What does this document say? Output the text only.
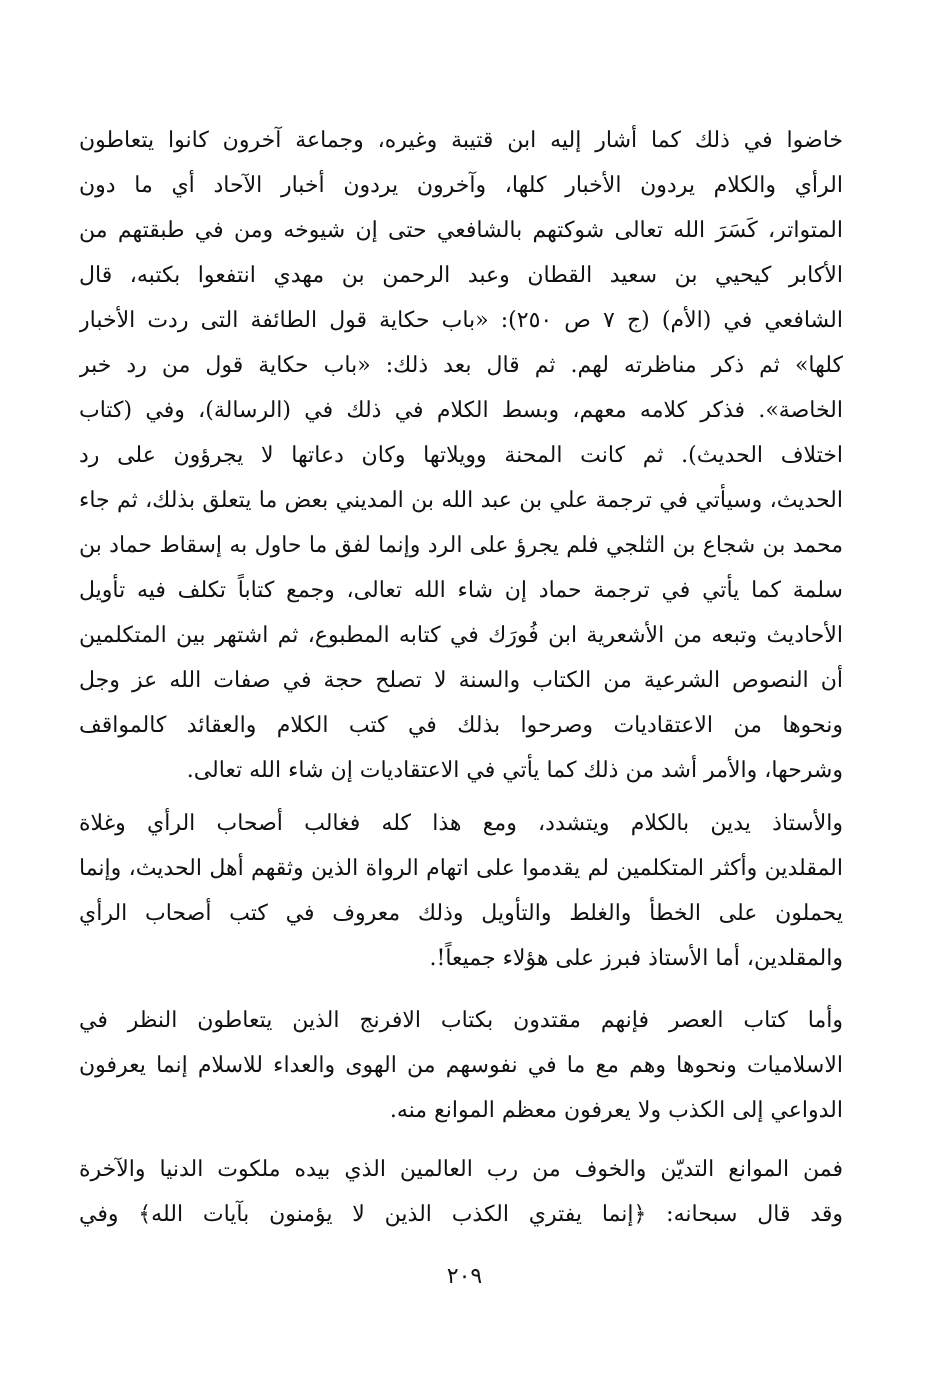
خاضوا في ذلك كما أشار إليه ابن قتيبة وغيره، وجماعة آخرون كانوا يتعاطون
الرأي والكلام يردون الأخبار كلها، وآخرون يردون أخبار الآحاد أي ما دون
المتواتر، كَسَرَ الله تعالى شوكتهم بالشافعي حتى إن شيوخه ومن في طبقتهم من
الأكابر كيحيي بن سعيد القطان وعبد الرحمن بن مهدي انتفعوا بكتبه، قال
الشافعي في (الأم) (ج ٧ ص ٢٥٠): «باب حكاية قول الطائفة التى ردت الأخبار
كلها» ثم ذكر مناظرته لهم. ثم قال بعد ذلك: «باب حكاية قول من رد خبر
الخاصة». فذكر كلامه معهم، وبسط الكلام في ذلك في (الرسالة)، وفي (كتاب
اختلاف الحديث). ثم كانت المحنة وويلاتها وكان دعاتها لا يجرؤون على رد
الحديث، وسيأتي في ترجمة علي بن عبد الله بن المديني بعض ما يتعلق بذلك، ثم جاء
محمد بن شجاع بن الثلجي فلم يجرؤ على الرد وإنما لفق ما حاول به إسقاط حماد بن
سلمة كما يأتي في ترجمة حماد إن شاء الله تعالى، وجمع كتاباً تكلف فيه تأويل
الأحاديث وتبعه من الأشعرية ابن فُورَك في كتابه المطبوع، ثم اشتهر بين المتكلمين
أن النصوص الشرعية من الكتاب والسنة لا تصلح حجة في صفات الله عز وجل
ونحوها من الاعتقاديات وصرحوا بذلك في كتب الكلام والعقائد كالمواقف
وشرحها، والأمر أشد من ذلك كما يأتي في الاعتقاديات إن شاء الله تعالى.
والأستاذ يدين بالكلام ويتشدد، ومع هذا كله فغالب أصحاب الرأي وغلاة
المقلدين وأكثر المتكلمين لم يقدموا على اتهام الرواة الذين وثقهم أهل الحديث، وإنما
يحملون على الخطأ والغلط والتأويل وذلك معروف في كتب أصحاب الرأي
والمقلدين، أما الأستاذ فبرز على هؤلاء جميعاً!.
وأما كتاب العصر فإنهم مقتدون بكتاب الافرنج الذين يتعاطون النظر في
الاسلاميات ونحوها وهم مع ما في نفوسهم من الهوى والعداء للاسلام إنما يعرفون
الدواعي إلى الكذب ولا يعرفون معظم الموانع منه.
فمن الموانع التديّن والخوف من رب العالمين الذي بيده ملكوت الدنيا والآخرة
وقد قال سبحانه: ﴿إنما يفتري الكذب الذين لا يؤمنون بآيات الله﴾ وفي
٢٠٩
